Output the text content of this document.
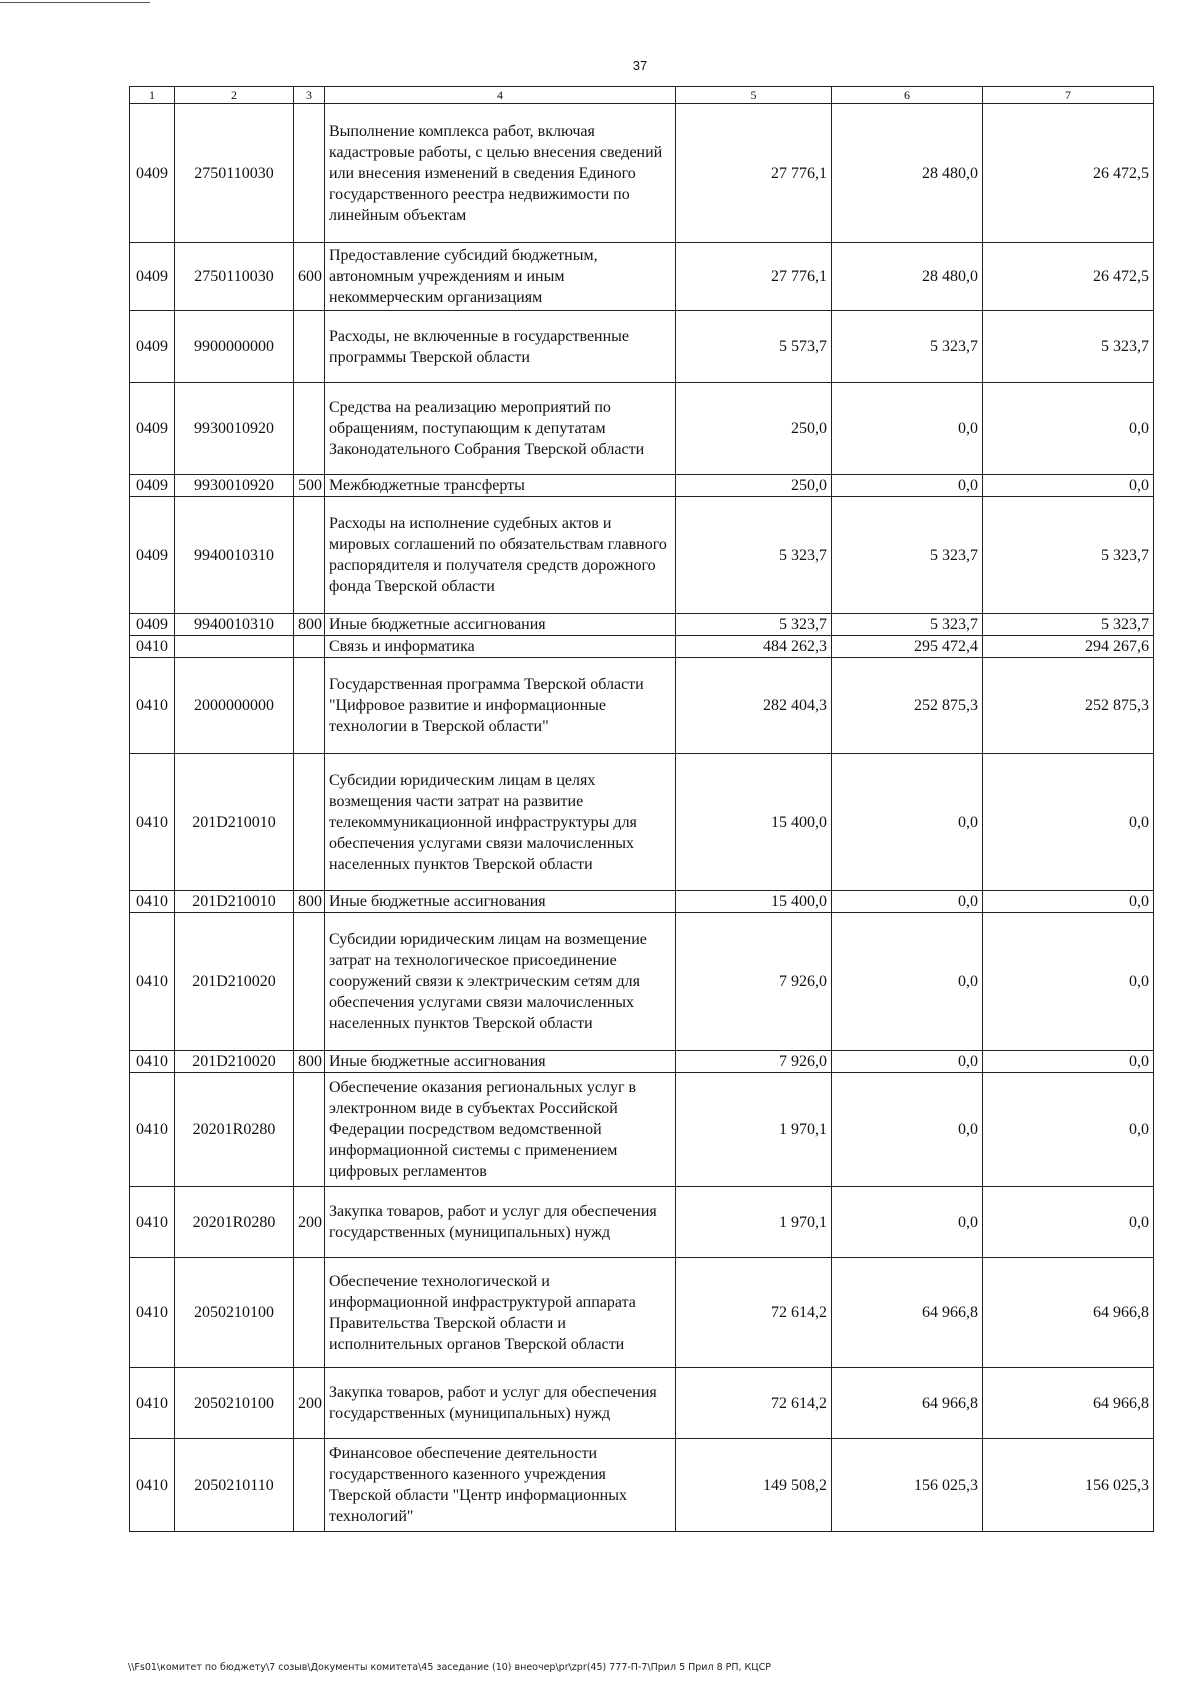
37
1	2	3	4	5	6	7
0409	2750110030		Выполнение комплекса работ, включая кадастровые работы, с целью внесения сведений или внесения изменений в сведения Единого государственного реестра недвижимости по линейным объектам	27 776,1	28 480,0	26 472,5
0409	2750110030	600	Предоставление субсидий бюджетным, автономным учреждениям и иным некоммерческим организациям	27 776,1	28 480,0	26 472,5
0409	9900000000		Расходы, не включенные в государственные программы Тверской области	5 573,7	5 323,7	5 323,7
0409	9930010920		Средства на реализацию мероприятий по обращениям, поступающим к депутатам Законодательного Собрания Тверской области	250,0	0,0	0,0
0409	9930010920	500	Межбюджетные трансферты	250,0	0,0	0,0
0409	9940010310		Расходы на исполнение судебных актов и мировых соглашений по обязательствам главного распорядителя и получателя средств дорожного фонда Тверской области	5 323,7	5 323,7	5 323,7
0409	9940010310	800	Иные бюджетные ассигнования	5 323,7	5 323,7	5 323,7
0410			Связь и информатика	484 262,3	295 472,4	294 267,6
0410	2000000000		Государственная программа Тверской области "Цифровое развитие и информационные технологии в Тверской области"	282 404,3	252 875,3	252 875,3
0410	201D210010		Субсидии юридическим лицам в целях возмещения части затрат на развитие телекоммуникационной инфраструктуры для обеспечения услугами связи малочисленных населенных пунктов Тверской области	15 400,0	0,0	0,0
0410	201D210010	800	Иные бюджетные ассигнования	15 400,0	0,0	0,0
0410	201D210020		Субсидии юридическим лицам на возмещение затрат на технологическое присоединение сооружений связи к электрическим сетям для обеспечения услугами связи малочисленных населенных пунктов Тверской области	7 926,0	0,0	0,0
0410	201D210020	800	Иные бюджетные ассигнования	7 926,0	0,0	0,0
0410	20201R0280		Обеспечение оказания региональных услуг в электронном виде в субъектах Российской Федерации посредством ведомственной информационной системы с применением цифровых регламентов	1 970,1	0,0	0,0
0410	20201R0280	200	Закупка товаров, работ и услуг для обеспечения государственных (муниципальных) нужд	1 970,1	0,0	0,0
0410	2050210100		Обеспечение технологической и информационной инфраструктурой аппарата Правительства Тверской области и исполнительных органов Тверской области	72 614,2	64 966,8	64 966,8
0410	2050210100	200	Закупка товаров, работ и услуг для обеспечения государственных (муниципальных) нужд	72 614,2	64 966,8	64 966,8
0410	2050210110		Финансовое обеспечение деятельности государственного казенного учреждения Тверской области "Центр информационных технологий"	149 508,2	156 025,3	156 025,3
\\Fs01\комитет по бюджету\7 созыв\Документы комитета\45 заседание (10) внеочер\pr\zpr(45) 777-П-7\Прил 5 Прил 8 РП, КЦСР
